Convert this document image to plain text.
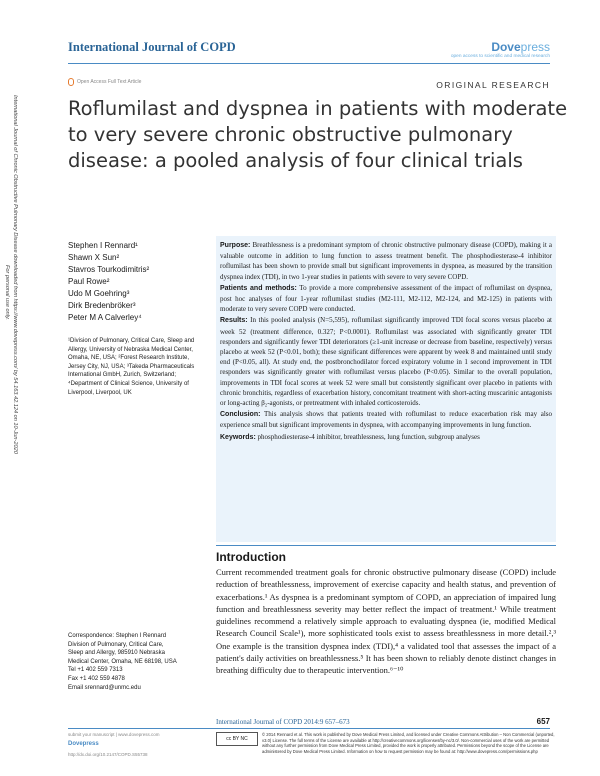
International Journal of COPD	Dovepress
open access to scientific and medical research
Open Access Full Text Article	ORIGINAL RESEARCH
Roflumilast and dyspnea in patients with moderate to very severe chronic obstructive pulmonary disease: a pooled analysis of four clinical trials
International Journal of Chronic Obstructive Pulmonary Disease downloaded from https://www.dovepress.com/ by 54.163.42.124 on 10-Jun-2020
For personal use only.
Stephen I Rennard¹
Shawn X Sun²
Stavros Tourkodimitris²
Paul Rowe²
Udo M Goehring³
Dirk Bredenbröker³
Peter M A Calverley⁴
¹Division of Pulmonary, Critical Care, Sleep and Allergy, University of Nebraska Medical Center, Omaha, NE, USA; ²Forest Research Institute, Jersey City, NJ, USA; ³Takeda Pharmaceuticals International GmbH, Zurich, Switzerland; ⁴Department of Clinical Science, University of Liverpool, Liverpool, UK
Correspondence: Stephen I Rennard
Division of Pulmonary, Critical Care,
Sleep and Allergy, 985910 Nebraska
Medical Center, Omaha, NE 68198, USA
Tel +1 402 559 7313
Fax +1 402 559 4878
Email srennard@unmc.edu

Purpose: Breathlessness is a predominant symptom of chronic obstructive pulmonary disease (COPD), making it a valuable outcome in addition to lung function to assess treatment benefit. The phosphodiesterase-4 inhibitor roflumilast has been shown to provide small but significant improvements in dyspnea, as measured by the transition dyspnea index (TDI), in two 1-year studies in patients with severe to very severe COPD.

Patients and methods: To provide a more comprehensive assessment of the impact of roflumilast on dyspnea, post hoc analyses of four 1-year roflumilast studies (M2-111, M2-112, M2-124, and M2-125) in patients with moderate to very severe COPD were conducted.

Results: In this pooled analysis (N=5,595), roflumilast significantly improved TDI focal scores versus placebo at week 52 (treatment difference, 0.327; P<0.0001). Roflumilast was associated with significantly greater TDI responders and significantly fewer TDI deteriorators (≥1-unit increase or decrease from baseline, respectively) versus placebo at week 52 (P<0.01, both); these significant differences were apparent by week 8 and maintained until study end (P<0.05, all). At study end, the postbronchodilator forced expiratory volume in 1 second improvement in TDI responders was significantly greater with roflumilast versus placebo (P<0.05). Similar to the overall population, improvements in TDI focal scores at week 52 were small but consistently significant over placebo in patients with chronic bronchitis, regardless of exacerbation history, concomitant treatment with short-acting muscarinic antagonists or long-acting β₂-agonists, or pretreatment with inhaled corticosteroids.

Conclusion: This analysis shows that patients treated with roflumilast to reduce exacerbation risk may also experience small but significant improvements in dyspnea, with accompanying improvements in lung function.

Keywords: phosphodiesterase-4 inhibitor, breathlessness, lung function, subgroup analyses

Introduction
Current recommended treatment goals for chronic obstructive pulmonary disease (COPD) include reduction of breathlessness, improvement of exercise capacity and health status, and prevention of exacerbations.¹ As dyspnea is a predominant symptom of COPD, an appreciation of impaired lung function and breathlessness severity may better reflect the impact of treatment.¹ While treatment guidelines recommend a relatively simple approach to evaluating dyspnea (ie, modified Medical Research Council Scale¹), more sophisticated tools exist to assess breathlessness in more detail.²,³ One example is the transition dyspnea index (TDI),⁴ a validated tool that assesses the impact of a patient's daily activities on breathlessness.⁵ It has been shown to reliably denote distinct changes in breathing difficulty due to therapeutic intervention.⁶⁻¹⁰
International Journal of COPD 2014:9 657–673	657
submit your manuscript | www.dovepress.com
Dovepress
http://dx.doi.org/10.2147/COPD.S55738
cc BY NC
© 2014 Rennard et al. This work is published by Dove Medical Press Limited, and licensed under Creative Commons Attribution – Non Commercial (unported, v3.0) License. The full terms of the License are available at http://creativecommons.org/licenses/by-nc/3.0/. Non-commercial uses of the work are permitted without any further permission from Dove Medical Press Limited, provided the work is properly attributed. Permissions beyond the scope of the License are administered by Dove Medical Press Limited. Information on how to request permission may be found at: http://www.dovepress.com/permissions.php
